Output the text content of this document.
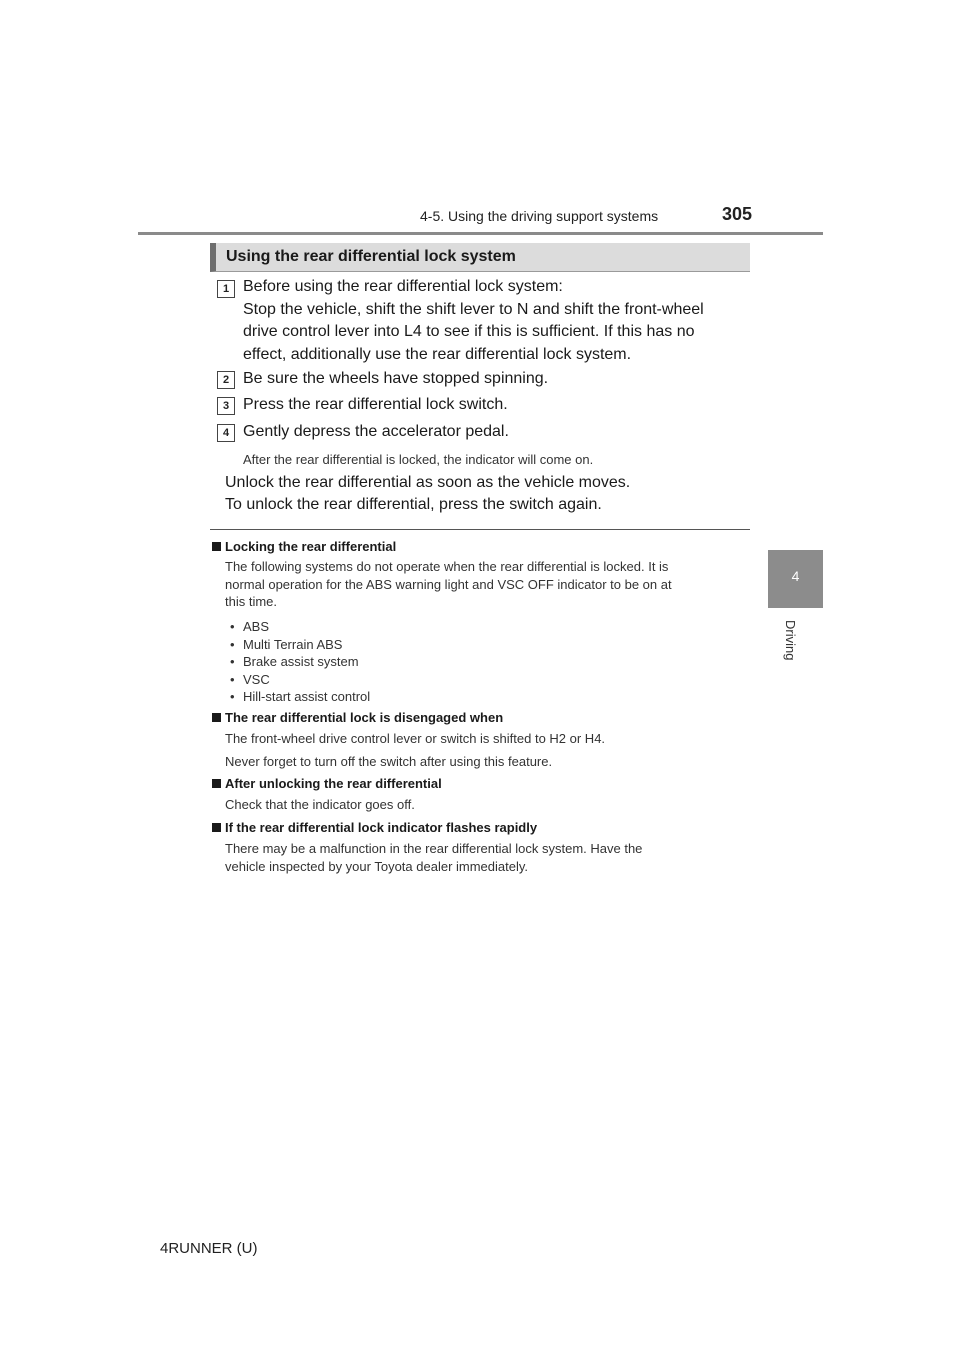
4-5. Using the driving support systems	305
4
Driving
Using the rear differential lock system
1 Before using the rear differential lock system:
Stop the vehicle, shift the shift lever to N and shift the front-wheel
drive control lever into L4 to see if this is sufficient. If this has no
effect, additionally use the rear differential lock system.
2 Be sure the wheels have stopped spinning.
3 Press the rear differential lock switch.
4 Gently depress the accelerator pedal.
After the rear differential is locked, the indicator will come on.
Unlock the rear differential as soon as the vehicle moves.
To unlock the rear differential, press the switch again.
Locking the rear differential
The following systems do not operate when the rear differential is locked. It is
normal operation for the ABS warning light and VSC OFF indicator to be on at
this time.
• ABS
• Multi Terrain ABS
• Brake assist system
• VSC
• Hill-start assist control
The rear differential lock is disengaged when
The front-wheel drive control lever or switch is shifted to H2 or H4.
Never forget to turn off the switch after using this feature.
After unlocking the rear differential
Check that the indicator goes off.
If the rear differential lock indicator flashes rapidly
There may be a malfunction in the rear differential lock system. Have the
vehicle inspected by your Toyota dealer immediately.
4RUNNER (U)
